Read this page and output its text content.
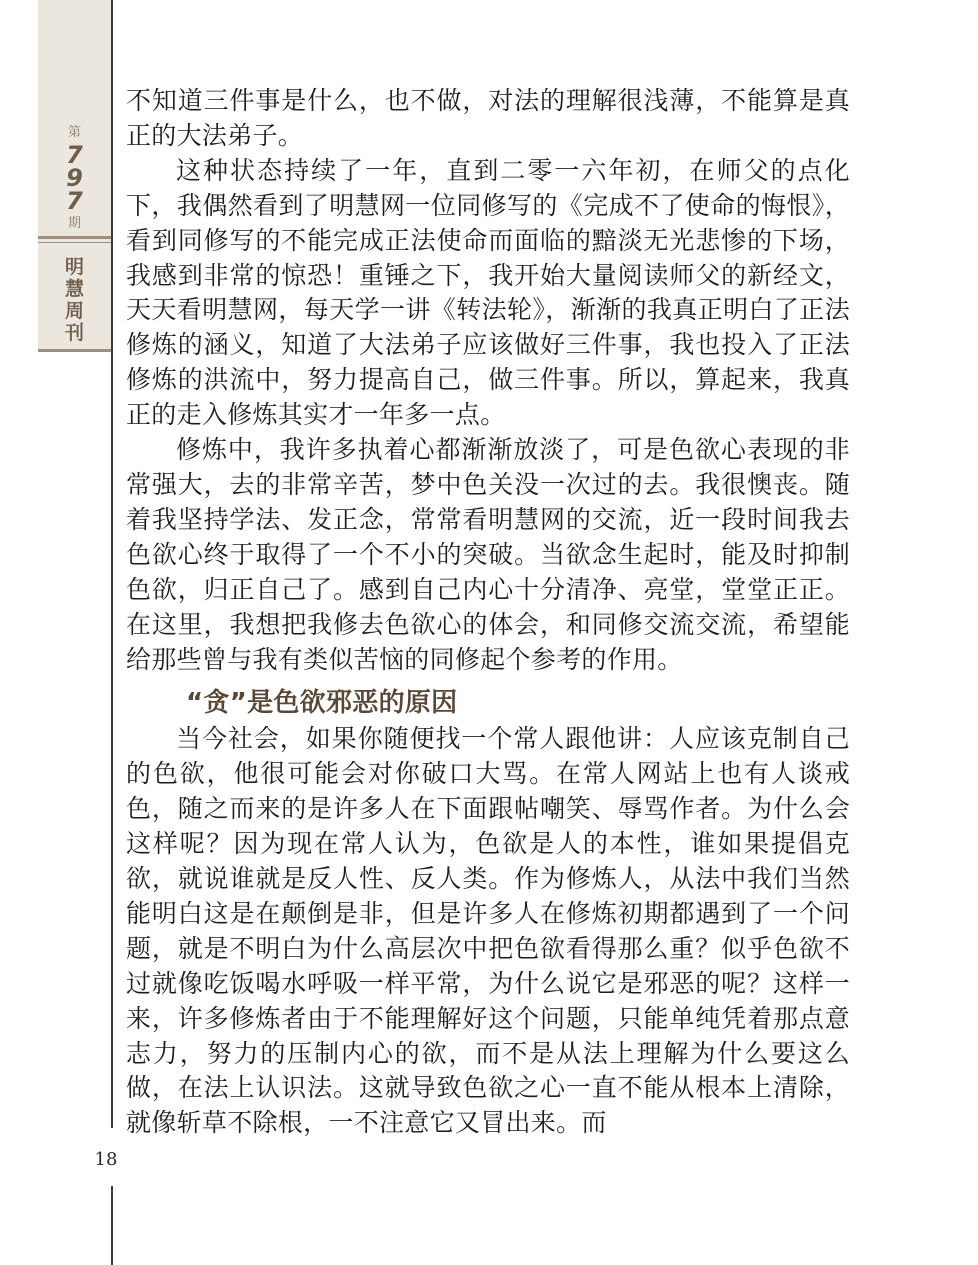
第
797
期
明慧周刊
18

不知道三件事是什么，也不做，对法的理解很浅薄，不能算是真正的大法弟子。

这种状态持续了一年，直到二零一六年初，在师父的点化下，我偶然看到了明慧网一位同修写的《完成不了使命的悔恨》，看到同修写的不能完成正法使命而面临的黯淡无光悲惨的下场，我感到非常的惊恐！重锤之下，我开始大量阅读师父的新经文，天天看明慧网，每天学一讲《转法轮》，渐渐的我真正明白了正法修炼的涵义，知道了大法弟子应该做好三件事，我也投入了正法修炼的洪流中，努力提高自己，做三件事。所以，算起来，我真正的走入修炼其实才一年多一点。

修炼中，我许多执着心都渐渐放淡了，可是色欲心表现的非常强大，去的非常辛苦，梦中色关没一次过的去。我很懊丧。随着我坚持学法、发正念，常常看明慧网的交流，近一段时间我去色欲心终于取得了一个不小的突破。当欲念生起时，能及时抑制色欲，归正自己了。感到自己内心十分清净、亮堂，堂堂正正。在这里，我想把我修去色欲心的体会，和同修交流交流，希望能给那些曾与我有类似苦恼的同修起个参考的作用。

“贪”是色欲邪恶的原因

当今社会，如果你随便找一个常人跟他讲：人应该克制自己的色欲，他很可能会对你破口大骂。在常人网站上也有人谈戒色，随之而来的是许多人在下面跟帖嘲笑、辱骂作者。为什么会这样呢？因为现在常人认为，色欲是人的本性，谁如果提倡克欲，就说谁就是反人性、反人类。作为修炼人，从法中我们当然能明白这是在颠倒是非，但是许多人在修炼初期都遇到了一个问题，就是不明白为什么高层次中把色欲看得那么重？似乎色欲不过就像吃饭喝水呼吸一样平常，为什么说它是邪恶的呢？这样一来，许多修炼者由于不能理解好这个问题，只能单纯凭着那点意志力，努力的压制内心的欲，而不是从法上理解为什么要这么做，在法上认识法。这就导致色欲之心一直不能从根本上清除，就像斩草不除根，一不注意它又冒出来。而
